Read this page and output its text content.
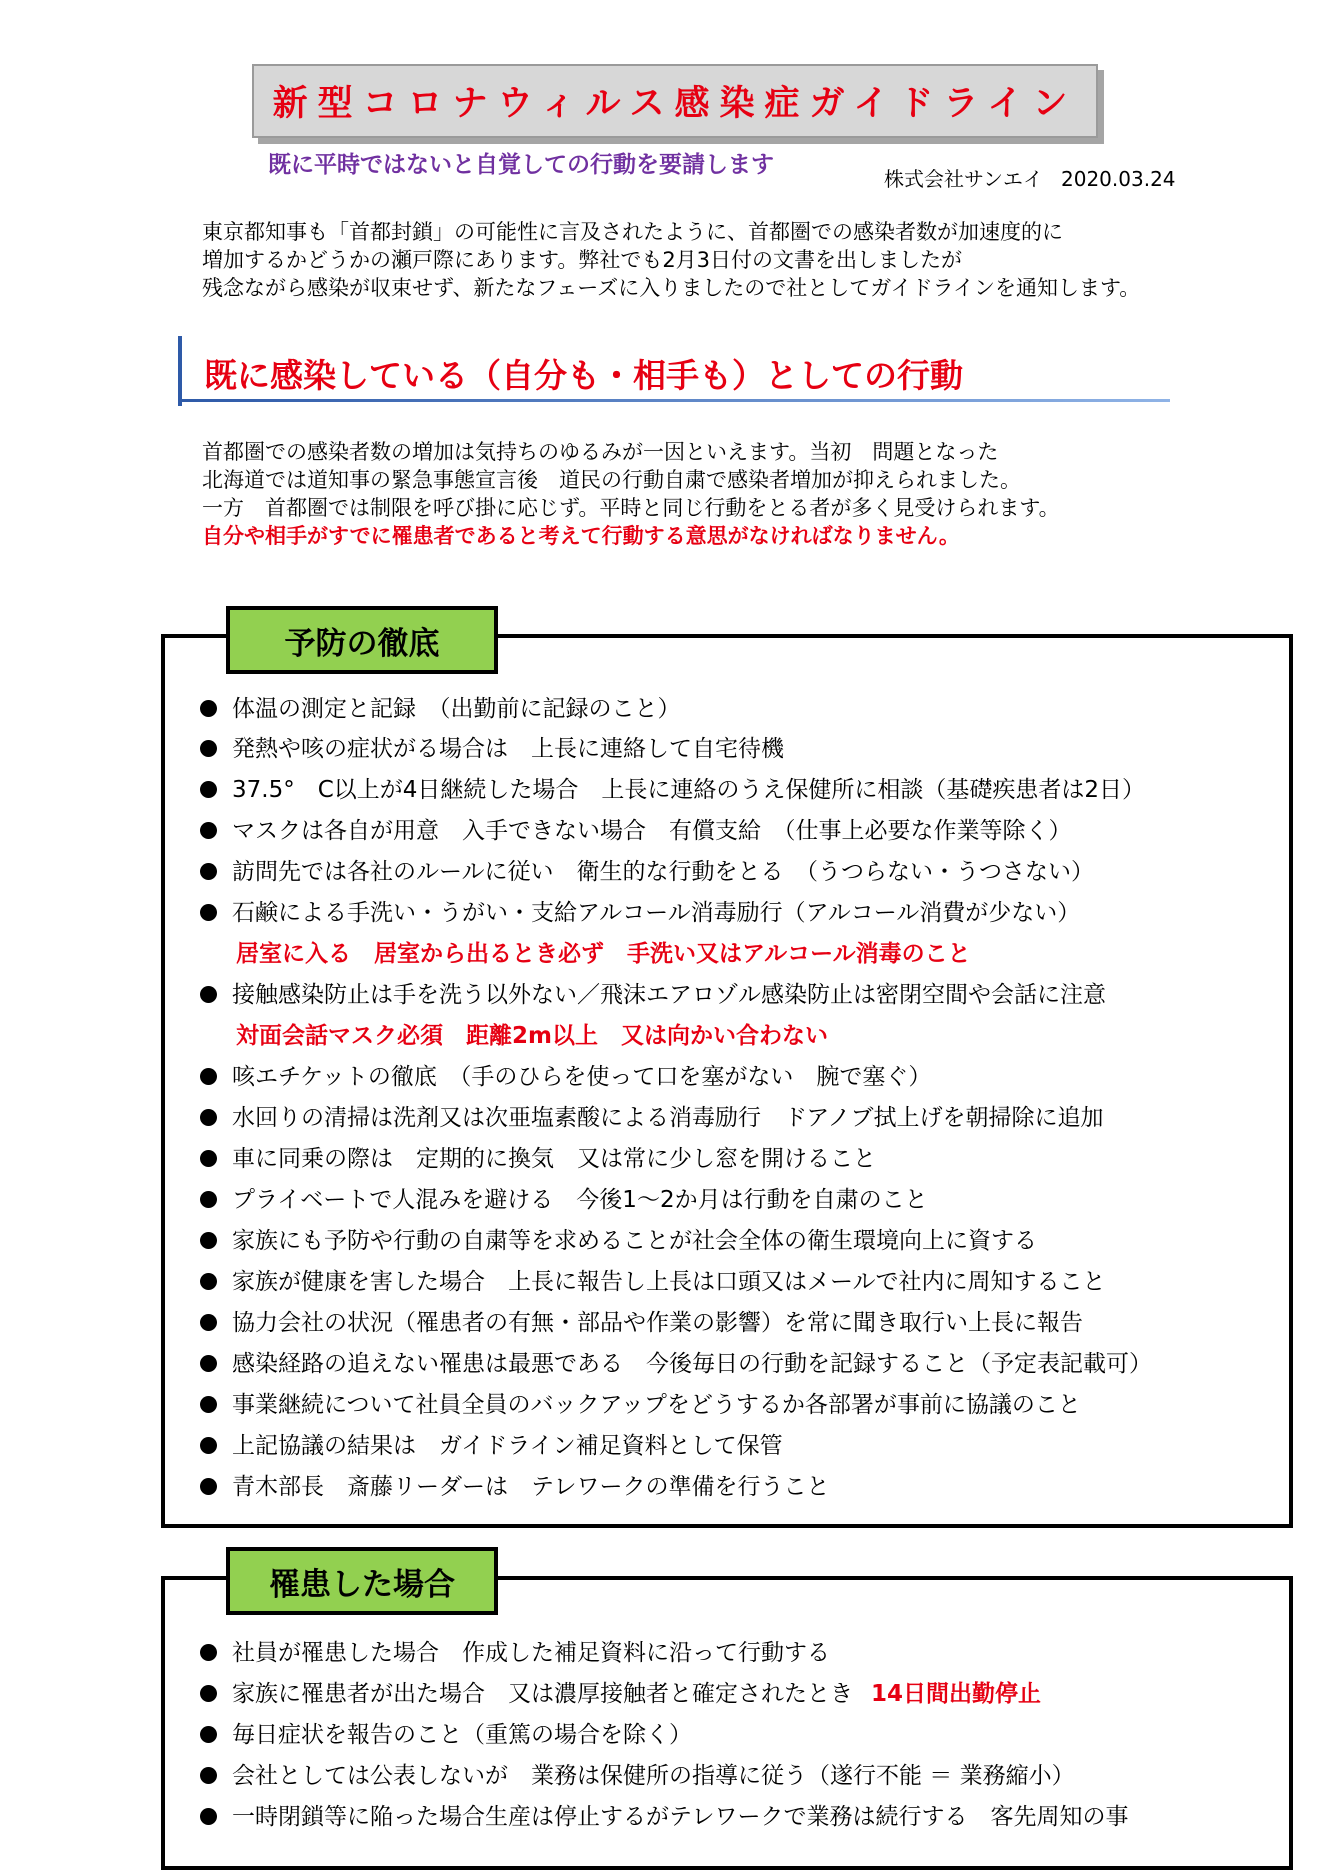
新型コロナウィルス感染症ガイドライン
既に平時ではないと自覚しての行動を要請します
株式会社サンエイ 2020.03.24
東京都知事も「首都封鎖」の可能性に言及されたように、首都圏での感染者数が加速度的に
増加するかどうかの瀬戸際にあります。弊社でも2月3日付の文書を出しましたが
残念ながら感染が収束せず、新たなフェーズに入りましたので社としてガイドラインを通知します。
既に感染している（自分も・相手も）としての行動
首都圏での感染者数の増加は気持ちのゆるみが一因といえます。当初　問題となった
北海道では道知事の緊急事態宣言後　道民の行動自粛で感染者増加が抑えられました。
一方　首都圏では制限を呼び掛に応じず。平時と同じ行動をとる者が多く見受けられます。
自分や相手がすでに罹患者であると考えて行動する意思がなければなりません。
予防の徹底
体温の測定と記録　（出勤前に記録のこと）
発熱や咳の症状がる場合は　上長に連絡して自宅待機
37.5°　C以上が4日継続した場合　上長に連絡のうえ保健所に相談（基礎疾患者は2日）
マスクは各自が用意　入手できない場合　有償支給　（仕事上必要な作業等除く）
訪問先では各社のルールに従い　衛生的な行動をとる　（うつらない・うつさない）
石鹸による手洗い・うがい・支給アルコール消毒励行（アルコール消費が少ない）
居室に入る　居室から出るとき必ず　手洗い又はアルコール消毒のこと
接触感染防止は手を洗う以外ない／飛沫エアロゾル感染防止は密閉空間や会話に注意
対面会話マスク必須　距離2m以上　又は向かい合わない
咳エチケットの徹底　（手のひらを使って口を塞がない　腕で塞ぐ）
水回りの清掃は洗剤又は次亜塩素酸による消毒励行　ドアノブ拭上げを朝掃除に追加
車に同乗の際は　定期的に換気　又は常に少し窓を開けること
プライベートで人混みを避ける　今後1～2か月は行動を自粛のこと
家族にも予防や行動の自粛等を求めることが社会全体の衛生環境向上に資する
家族が健康を害した場合　上長に報告し上長は口頭又はメールで社内に周知すること
協力会社の状況（罹患者の有無・部品や作業の影響）を常に聞き取行い上長に報告
感染経路の追えない罹患は最悪である　今後毎日の行動を記録すること（予定表記載可）
事業継続について社員全員のバックアップをどうするか各部署が事前に協議のこと
上記協議の結果は　ガイドライン補足資料として保管
青木部長　斎藤リーダーは　テレワークの準備を行うこと
罹患した場合
社員が罹患した場合　作成した補足資料に沿って行動する
家族に罹患者が出た場合　又は濃厚接触者と確定されたとき 14日間出勤停止
毎日症状を報告のこと（重篤の場合を除く）
会社としては公表しないが　業務は保健所の指導に従う（遂行不能 ＝ 業務縮小）
一時閉鎖等に陥った場合生産は停止するがテレワークで業務は続行する　客先周知の事
